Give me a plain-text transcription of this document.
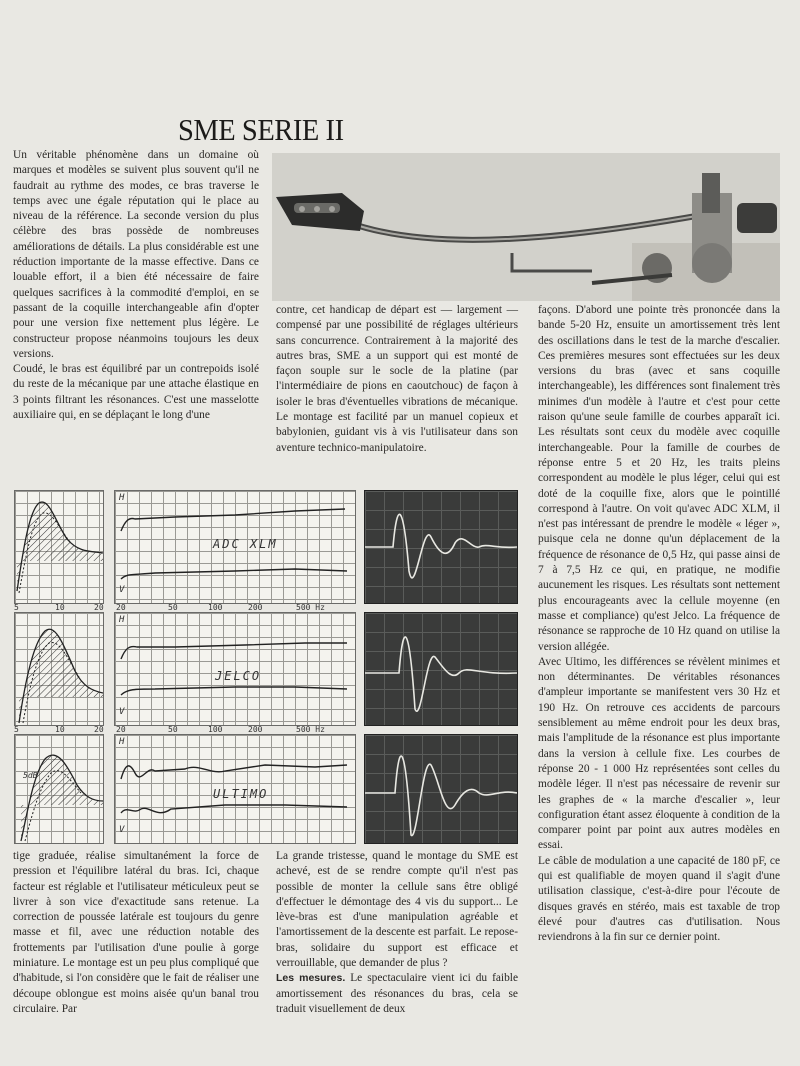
SME SERIE II

Un véritable phénomène dans un domaine où marques et modèles se suivent plus souvent qu'il ne faudrait au rythme des modes, ce bras traverse le temps avec une égale réputation qui le place au niveau de la référence. La seconde version du plus célèbre des bras possède de nombreuses améliorations de détails. La plus considérable est une réduction importante de la masse effective. Dans ce louable effort, il a bien été nécessaire de faire quelques sacrifices à la commodité d'emploi, en se passant de la coquille interchangeable afin d'opter pour une version fixe nettement plus légère. Le constructeur propose néanmoins toujours les deux versions.

Coudé, le bras est équilibré par un contrepoids isolé du reste de la mécanique par une attache élastique en 3 points filtrant les résonances. C'est une masselotte auxiliaire qui, en se déplaçant le long d'une

contre, cet handicap de départ est — largement — compensé par une possibilité de réglages ultérieurs sans concurrence. Contrairement à la majorité des autres bras, SME a un support qui est monté de façon souple sur le socle de la platine (par l'intermédiaire de pions en caoutchouc) de façon à isoler le bras d'éventuelles vibrations de mécanique. Le montage est facilité par un manuel copieux et babylonien, guidant vis à vis l'utilisateur dans son aventure technico-manipulatoire.

façons. D'abord une pointe très prononcée dans la bande 5-20 Hz, ensuite un amortissement très lent des oscillations dans le test de la marche d'escalier. Ces premières mesures sont effectuées sur les deux versions du bras (avec et sans coquille interchangeable), les différences sont finalement très minimes d'un modèle à l'autre et c'est pour cette raison qu'une seule famille de courbes apparaît ici. Les résultats sont ceux du modèle avec coquille interchangeable. Pour la famille de courbes de réponse entre 5 et 20 Hz, les traits pleins correspondent au modèle le plus léger, celui qui est doté de la coquille fixe, alors que le pointillé correspond à l'autre. On voit qu'avec ADC XLM, il n'est pas intéressant de prendre le modèle « léger », puisque cela ne donne qu'un déplacement de la fréquence de résonance de 0,5 Hz, qui passe ainsi de 7 à 7,5 Hz ce qui, en pratique, ne modifie aucunement les risques. Les résultats sont nettement plus encourageants avec la cellule moyenne (en masse et compliance) qu'est Jelco. La fréquence de résonance se rapproche de 10 Hz quand on utilise la version allégée.

Avec Ultimo, les différences se révèlent minimes et non déterminantes. De véritables résonances d'ampleur importante se manifestent vers 30 Hz et 190 Hz. On retrouve ces accidents de parcours sensiblement au même endroit pour les deux bras, mais l'amplitude de la résonance est plus importante dans la version à cellule fixe. Les courbes de réponse 20 - 1 000 Hz représentées sont celles du modèle léger. Il n'est pas nécessaire de revenir sur les graphes de « la marche d'escalier », leur configuration étant assez éloquente à condition de la comparer point par point aux autres modèles en essai.

Le câble de modulation a une capacité de 180 pF, ce qui est qualifiable de moyen quand il s'agit d'une utilisation classique, c'est-à-dire pour l'écoute de disques gravés en stéréo, mais est taxable de trop élevé pour d'autres cas d'utilisation. Nous reviendrons à la fin sur ce dernier point.

H
V
ADC XLM
5	10	20 20	50	100	200	500 Hz
H
V
JELCO
5	10	20 20	50	100	200	500 Hz
5dB
H
V
ULTIMO

tige graduée, réalise simultanément la force de pression et l'équilibre latéral du bras. Ici, chaque facteur est réglable et l'utilisateur méticuleux peut se livrer à son vice d'exactitude sans retenue. La correction de poussée latérale est toujours du genre masse et fil, avec une réduction notable des frottements par l'utilisation d'une poulie à gorge miniature. Le montage est un peu plus compliqué que d'habitude, si l'on considère que le fait de réaliser une découpe oblongue est moins aisée qu'un banal trou circulaire. Par

La grande tristesse, quand le montage du SME est achevé, est de se rendre compte qu'il n'est pas possible de monter la cellule sans être obligé d'effectuer le démontage des 4 vis du support... Le lève-bras est d'une manipulation agréable et l'amortissement de la descente est parfait. Le repose-bras, solidaire du support est efficace et verrouillable, que demander de plus ?

Les mesures. Le spectaculaire vient ici du faible amortissement des résonances du bras, cela se traduit visuellement de deux
